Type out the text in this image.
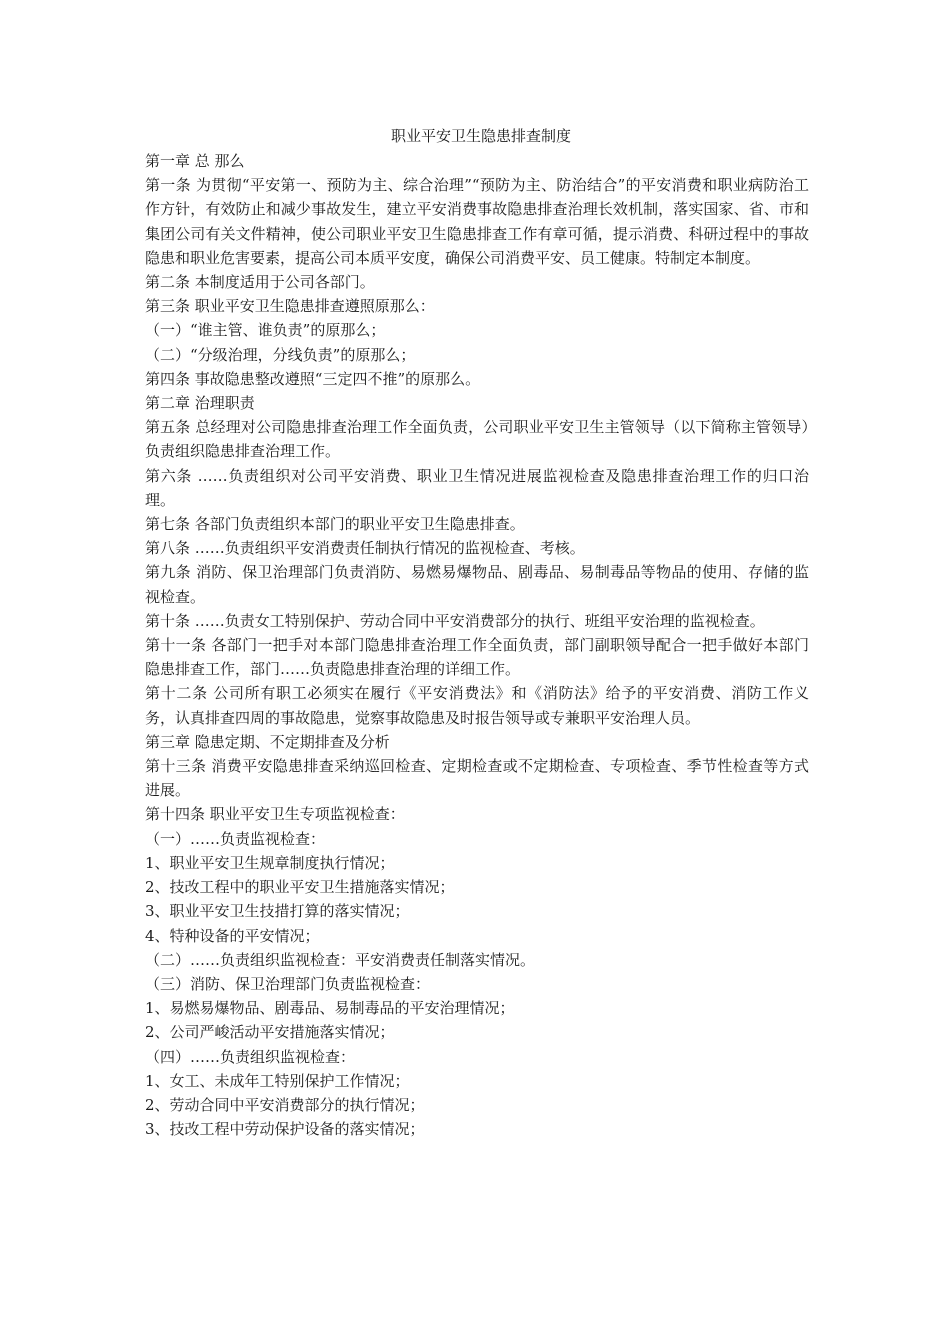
职业平安卫生隐患排查制度

第一章 总 那么

第一条 为贯彻“平安第一、预防为主、综合治理”“预防为主、防治结合”的平安消费和职业病防治工作方针，有效防止和减少事故发生，建立平安消费事故隐患排查治理长效机制，落实国家、省、市和集团公司有关文件精神，使公司职业平安卫生隐患排查工作有章可循，提示消费、科研过程中的事故隐患和职业危害要素，提高公司本质平安度，确保公司消费平安、员工健康。特制定本制度。

第二条 本制度适用于公司各部门。

第三条 职业平安卫生隐患排查遵照原那么：

（一）“谁主管、谁负责”的原那么；

（二）“分级治理，分线负责”的原那么；

第四条 事故隐患整改遵照“三定四不推”的原那么。

第二章 治理职责

第五条 总经理对公司隐患排查治理工作全面负责，公司职业平安卫生主管领导（以下简称主管领导）负责组织隐患排查治理工作。

第六条 ……负责组织对公司平安消费、职业卫生情况进展监视检查及隐患排查治理工作的归口治理。

第七条 各部门负责组织本部门的职业平安卫生隐患排查。

第八条 ……负责组织平安消费责任制执行情况的监视检查、考核。

第九条 消防、保卫治理部门负责消防、易燃易爆物品、剧毒品、易制毒品等物品的使用、存储的监视检查。

第十条 ……负责女工特别保护、劳动合同中平安消费部分的执行、班组平安治理的监视检查。

第十一条 各部门一把手对本部门隐患排查治理工作全面负责，部门副职领导配合一把手做好本部门隐患排查工作，部门……负责隐患排查治理的详细工作。

第十二条 公司所有职工必须实在履行《平安消费法》和《消防法》给予的平安消费、消防工作义务，认真排查四周的事故隐患，觉察事故隐患及时报告领导或专兼职平安治理人员。

第三章 隐患定期、不定期排查及分析

第十三条 消费平安隐患排查采纳巡回检查、定期检查或不定期检查、专项检查、季节性检查等方式进展。

第十四条 职业平安卫生专项监视检查：

（一）……负责监视检查：

1、职业平安卫生规章制度执行情况；

2、技改工程中的职业平安卫生措施落实情况；

3、职业平安卫生技措打算的落实情况；

4、特种设备的平安情况；

（二）……负责组织监视检查：平安消费责任制落实情况。

（三）消防、保卫治理部门负责监视检查：

1、易燃易爆物品、剧毒品、易制毒品的平安治理情况；

2、公司严峻活动平安措施落实情况；

（四）……负责组织监视检查：

1、女工、未成年工特别保护工作情况；

2、劳动合同中平安消费部分的执行情况；

3、技改工程中劳动保护设备的落实情况；
